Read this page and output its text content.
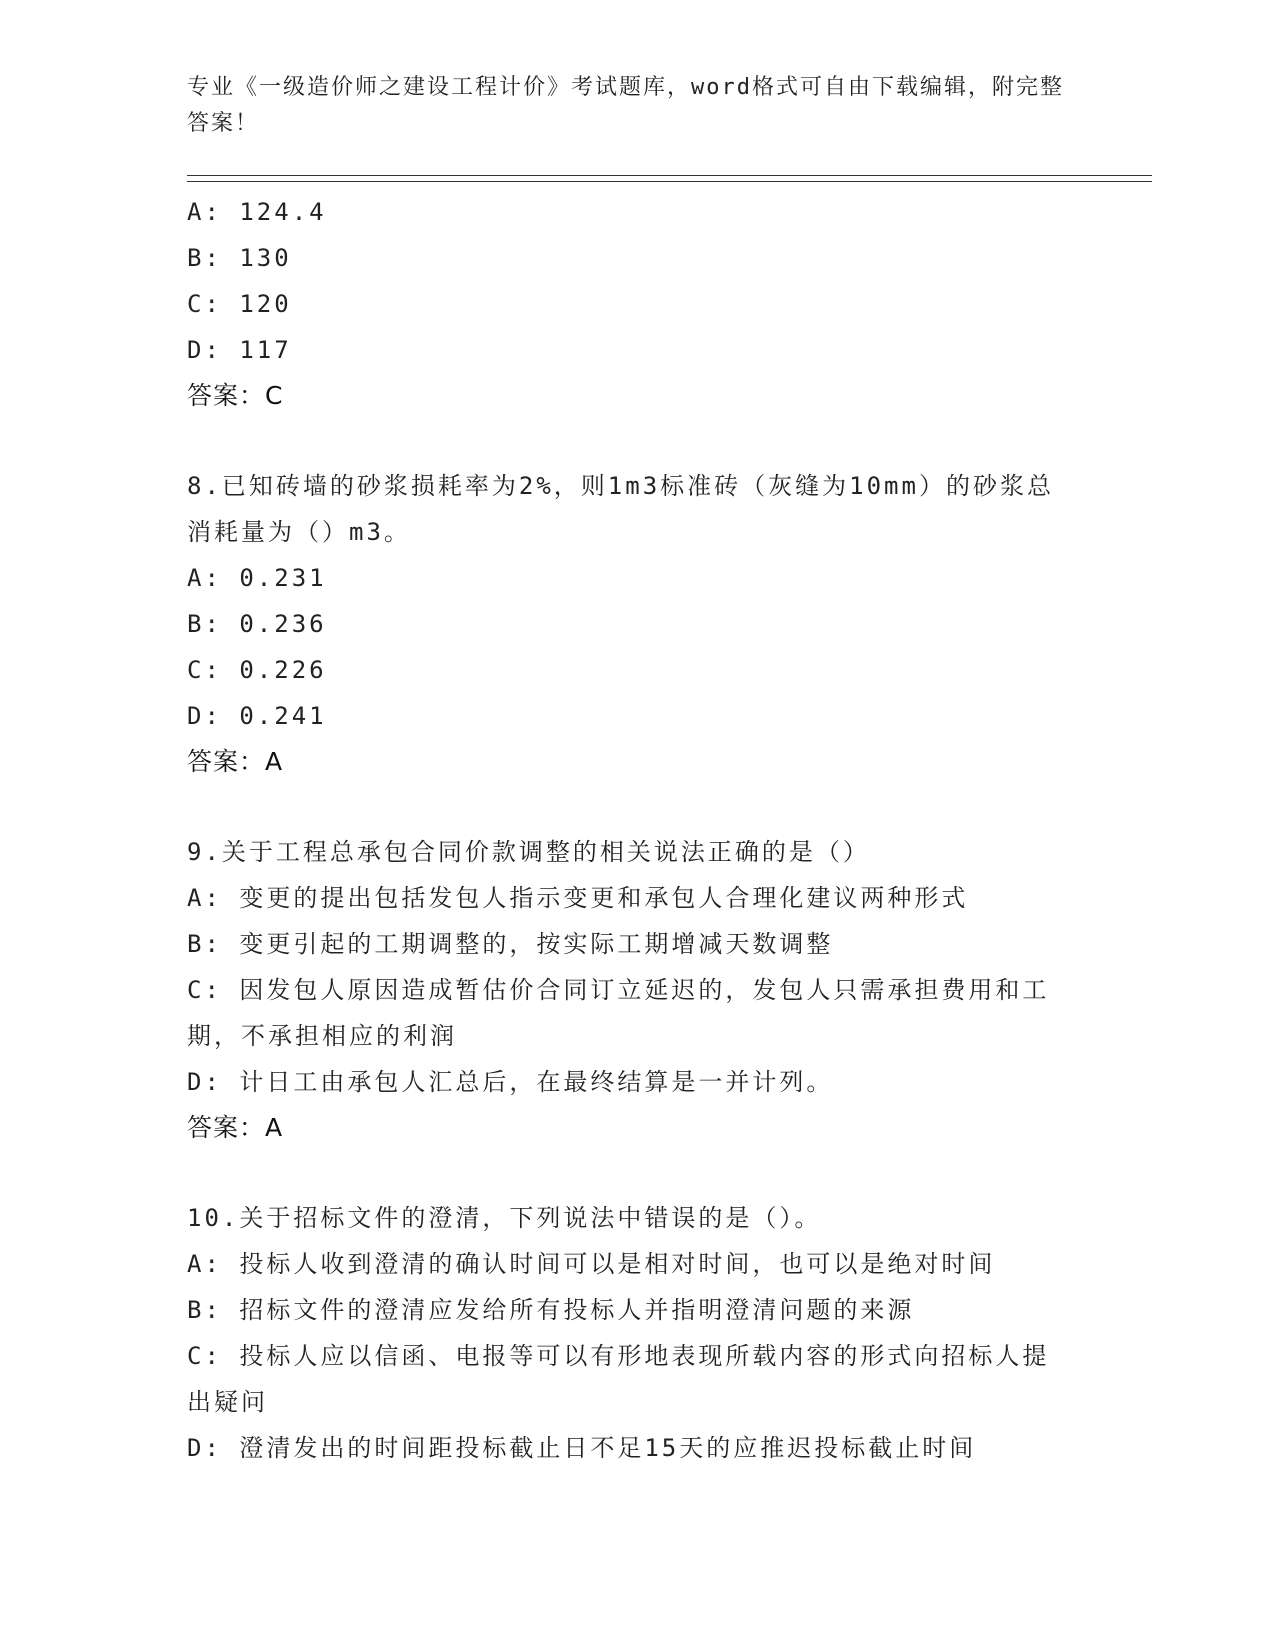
专业《一级造价师之建设工程计价》考试题库，word格式可自由下载编辑，附完整答案！
A: 124.4
B: 130
C: 120
D: 117
答案：C
8.已知砖墙的砂浆损耗率为2%，则1m3标准砖（灰缝为10mm）的砂浆总消耗量为（）m3。
A: 0.231
B: 0.236
C: 0.226
D: 0.241
答案：A
9.关于工程总承包合同价款调整的相关说法正确的是（）
A: 变更的提出包括发包人指示变更和承包人合理化建议两种形式
B: 变更引起的工期调整的，按实际工期增减天数调整
C: 因发包人原因造成暂估价合同订立延迟的，发包人只需承担费用和工期，不承担相应的利润
D: 计日工由承包人汇总后，在最终结算是一并计列。
答案：A
10.关于招标文件的澄清，下列说法中错误的是（）。
A: 投标人收到澄清的确认时间可以是相对时间，也可以是绝对时间
B: 招标文件的澄清应发给所有投标人并指明澄清问题的来源
C: 投标人应以信函、电报等可以有形地表现所载内容的形式向招标人提出疑问
D: 澄清发出的时间距投标截止日不足15天的应推迟投标截止时间
